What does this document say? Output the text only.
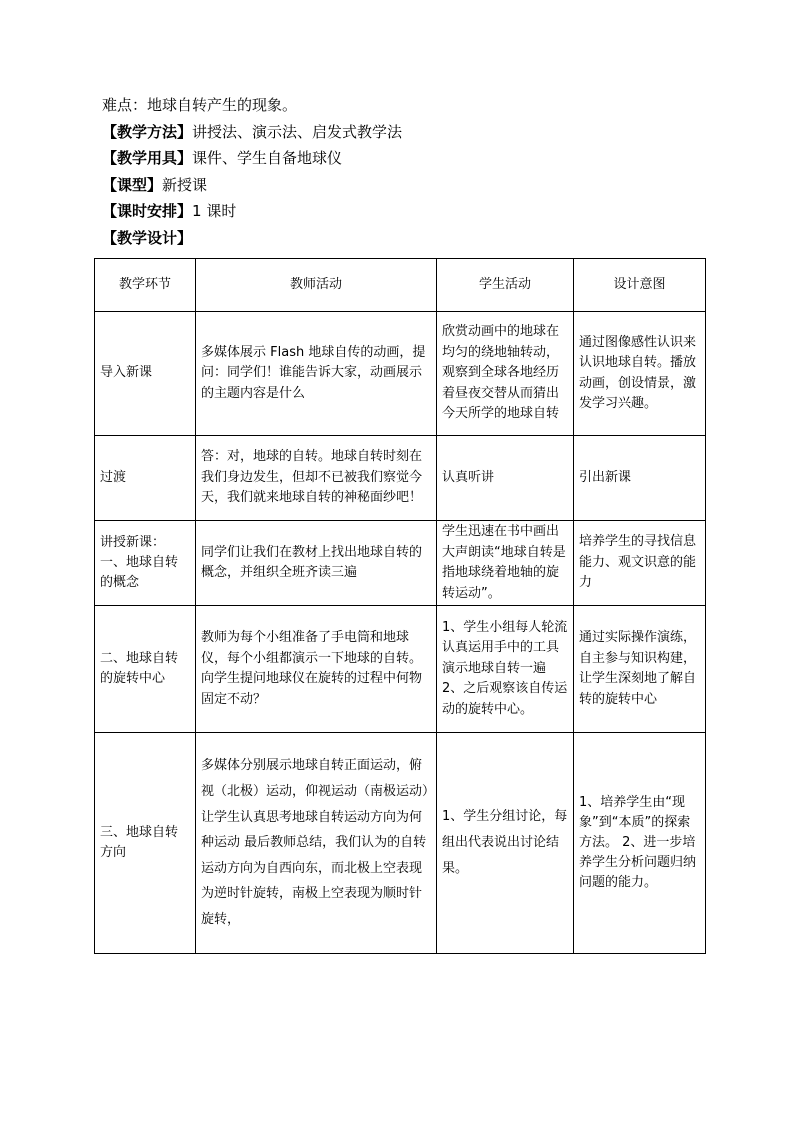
难点：地球自转产生的现象。
【教学方法】讲授法、演示法、启发式教学法
【教学用具】课件、学生自备地球仪
【课型】新授课
【课时安排】1 课时
【教学设计】
教学环节	教师活动	学生活动	设计意图
导入新课	多媒体展示 Flash 地球自传的动画，提问：同学们！谁能告诉大家，动画展示的主题内容是什么	欣赏动画中的地球在均匀的绕地轴转动，观察到全球各地经历着昼夜交替从而猜出今天所学的地球自转	通过图像感性认识来认识地球自转。播放动画，创设情景，激发学习兴趣。
过渡	答：对，地球的自转。地球自转时刻在我们身边发生，但却不已被我们察觉今天，我们就来地球自转的神秘面纱吧！	认真听讲	引出新课
讲授新课：一、地球自转的概念	同学们让我们在教材上找出地球自转的概念，并组织全班齐读三遍	学生迅速在书中画出大声朗读“地球自转是指地球绕着地轴的旋转运动”。	培养学生的寻找信息能力、观文识意的能力
二、地球自转的旋转中心	教师为每个小组准备了手电筒和地球仪，每个小组都演示一下地球的自转。向学生提问地球仪在旋转的过程中何物固定不动？	1、学生小组每人轮流认真运用手中的工具演示地球自转一遍 2、之后观察该自传运动的旋转中心。	通过实际操作演练，自主参与知识构建，让学生深刻地了解自转的旋转中心
三、地球自转方向	多媒体分别展示地球自转正面运动，俯视（北极）运动，仰视运动（南极运动）让学生认真思考地球自转运动方向为何种运动 最后教师总结，我们认为的自转运动方向为自西向东，而北极上空表现为逆时针旋转，南极上空表现为顺时针旋转，	1、学生分组讨论，每组出代表说出讨论结果。	1、培养学生由“现象”到“本质”的探索方法。 2、进一步培养学生分析问题归纳问题的能力。
